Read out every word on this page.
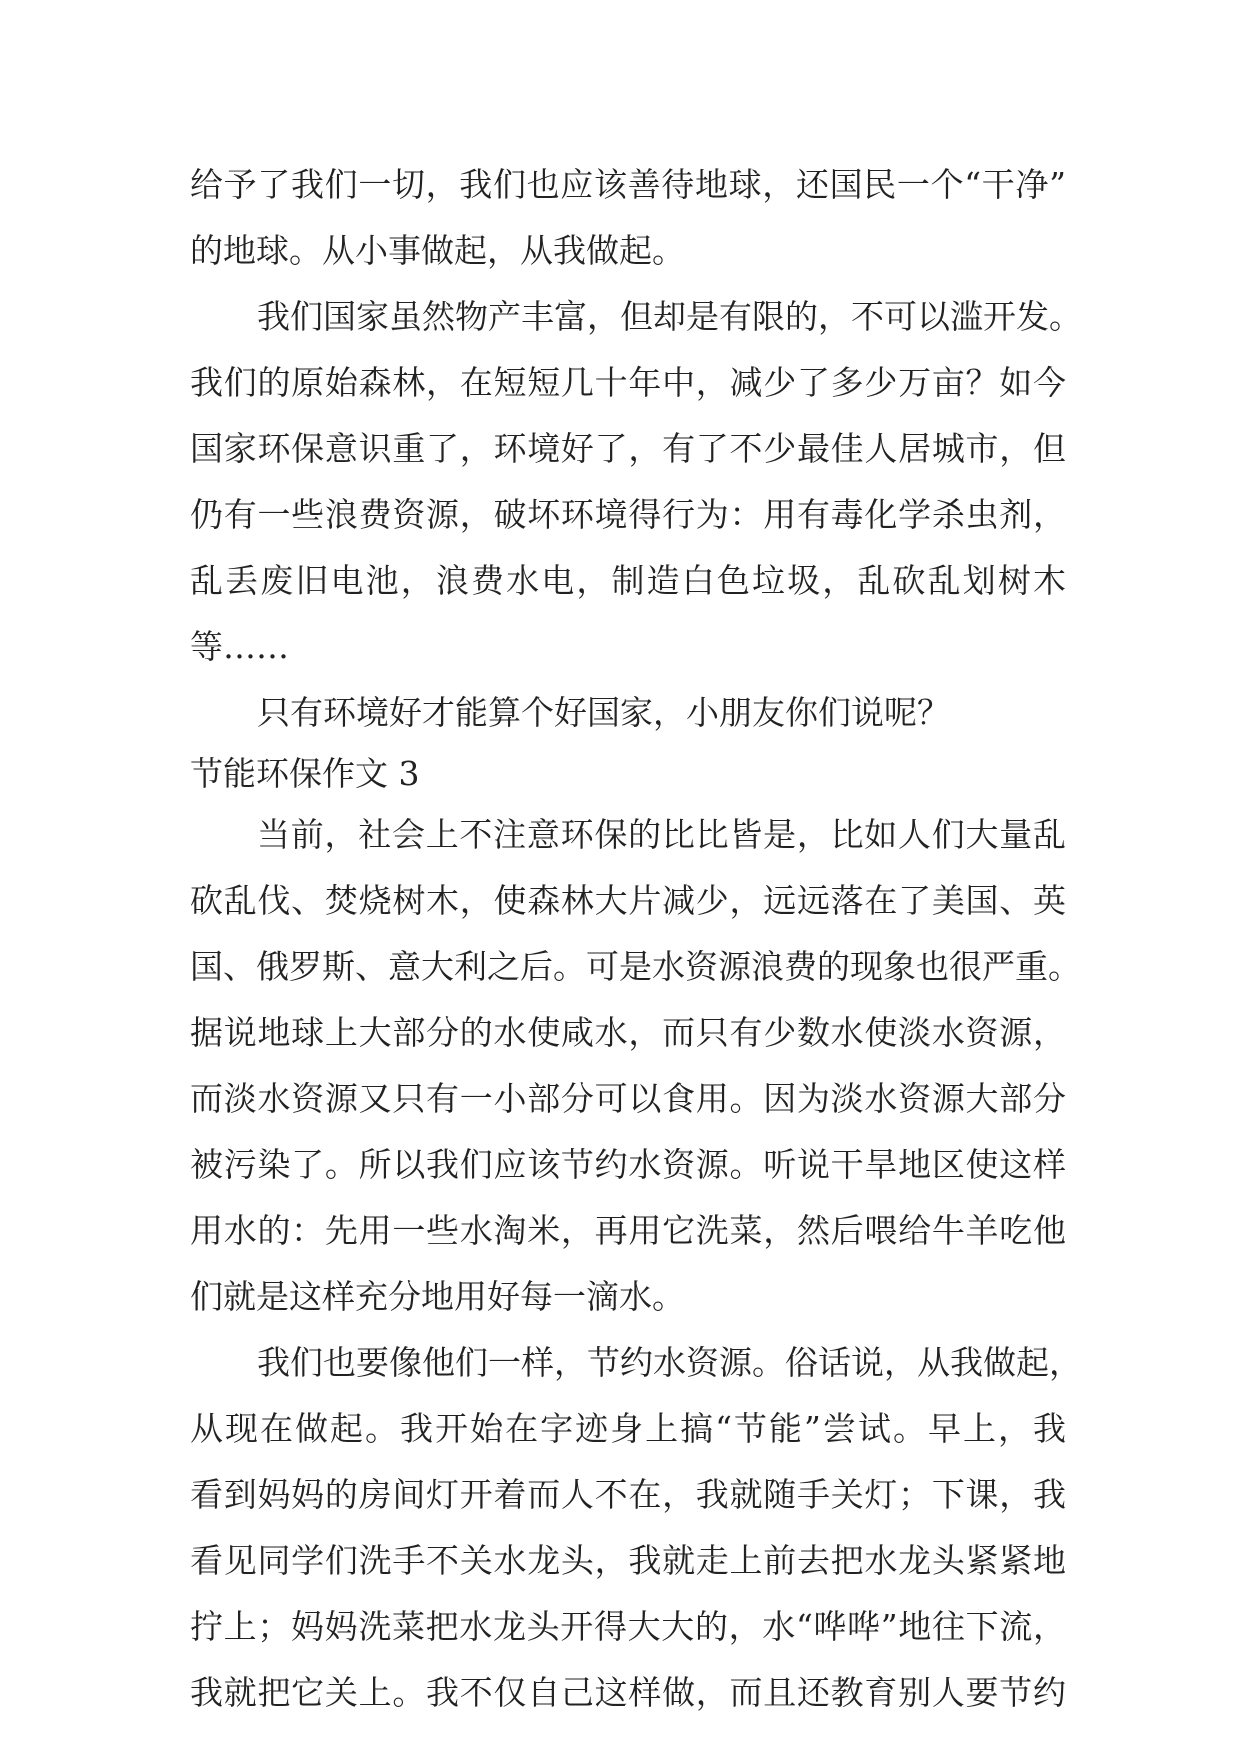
给予了我们一切，我们也应该善待地球，还国民一个“干净”
的地球。从小事做起，从我做起。
我们国家虽然物产丰富，但却是有限的，不可以滥开发。
我们的原始森林，在短短几十年中，减少了多少万亩？如今
国家环保意识重了，环境好了，有了不少最佳人居城市，但
仍有一些浪费资源，破坏环境得行为：用有毒化学杀虫剂，
乱丢废旧电池，浪费水电，制造白色垃圾，乱砍乱划树木
等……
只有环境好才能算个好国家，小朋友你们说呢？
节能环保作文 3
当前，社会上不注意环保的比比皆是，比如人们大量乱
砍乱伐、焚烧树木，使森林大片减少，远远落在了美国、英
国、俄罗斯、意大利之后。可是水资源浪费的现象也很严重。
据说地球上大部分的水使咸水，而只有少数水使淡水资源，
而淡水资源又只有一小部分可以食用。因为淡水资源大部分
被污染了。所以我们应该节约水资源。听说干旱地区使这样
用水的：先用一些水淘米，再用它洗菜，然后喂给牛羊吃他
们就是这样充分地用好每一滴水。
我们也要像他们一样，节约水资源。俗话说，从我做起，
从现在做起。我开始在字迹身上搞“节能”尝试。早上，我
看到妈妈的房间灯开着而人不在，我就随手关灯；下课，我
看见同学们洗手不关水龙头，我就走上前去把水龙头紧紧地
拧上；妈妈洗菜把水龙头开得大大的，水“哗哗”地往下流，
我就把它关上。我不仅自己这样做，而且还教育别人要节约
